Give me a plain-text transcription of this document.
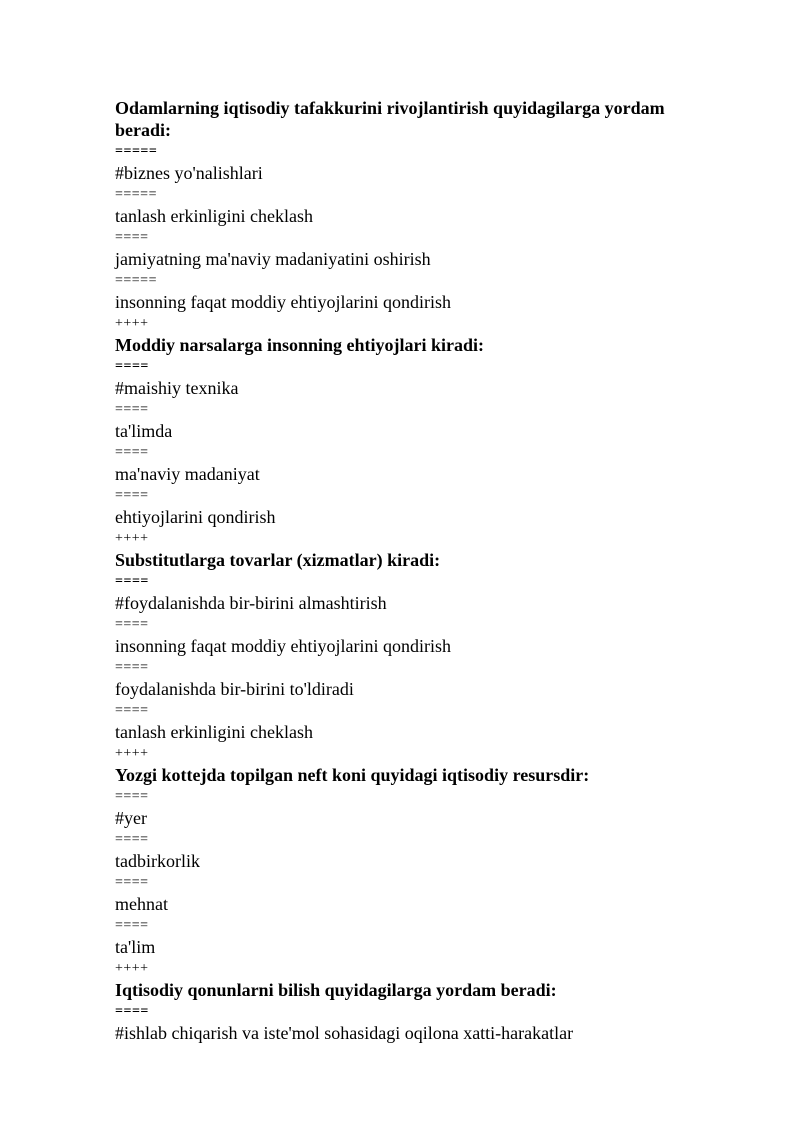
Odamlarning iqtisodiy tafakkurini rivojlantirish quyidagilarga yordam beradi:

=====

#biznes yo'nalishlari

=====

tanlash erkinligini cheklash

====

jamiyatning ma'naviy madaniyatini oshirish

=====

insonning faqat moddiy ehtiyojlarini qondirish

++++

Moddiy narsalarga insonning ehtiyojlari kiradi:

====

#maishiy texnika

====

ta'limda

====

ma'naviy madaniyat

====

ehtiyojlarini qondirish

++++

Substitutlarga tovarlar (xizmatlar) kiradi:

====

#foydalanishda bir-birini almashtirish

====

insonning faqat moddiy ehtiyojlarini qondirish

====

foydalanishda bir-birini to'ldiradi

====

tanlash erkinligini cheklash

++++

Yozgi kottejda topilgan neft koni quyidagi iqtisodiy resursdir:

====

#yer

====

tadbirkorlik

====

mehnat

====

ta'lim

++++

Iqtisodiy qonunlarni bilish quyidagilarga yordam beradi:

====

#ishlab chiqarish va iste'mol sohasidagi oqilona xatti-harakatlar
